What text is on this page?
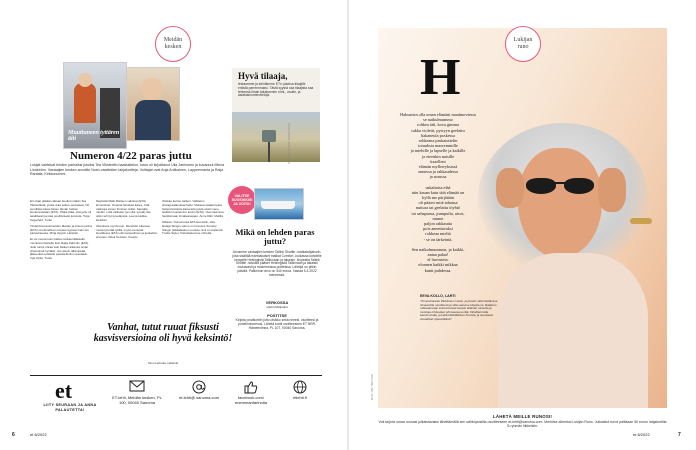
Meidän kesken
Muuttuneen tyttären äiti
Numeron 4/22 paras juttu
Lukijat valitsivat lehden parhaiksi jutuiksi Tea Vikstedtin haastattelun. Iutun oli kirjoittanut Ulla Janhonen ja kuvannut Minna Lindström. Vastaajien kesken arvottiin Nosh-vaatteiden lahjakortteja. Voittajat ovat Anja Antikainen, Lappeenranta ja Raija Rantala, Kirkkonummi.

Eri ohjat pitkään aikaan kuullut mitään Tea Vikstedtistä, jonka uraa jotkus seuraavat. Oli surullista lukea hänen tämän hetken kuulumisistaan (ETA). Pitää pitää, että juttu oli asiallisesti ja joka positiivisesti koroista. Tuija Kegerfeld, Turku

Tinderissa tavanneiden Marjan ja Antero tarina (ETA) oli elimellinen kuvaus kypsemmän iän parisuhteesta. Mirja Oppoli, Helsinki

Ei voi muuta kuin haltua nostaa tällaiselle monitoimimiehelle kuin Raija Kaherlin (ETA). Jolle tuntui uhraa vain kaiken aikansa oman yhteisönsä hyväksi. Jos aiuoin älkenpeää. jälkeenkä opiskelle pelastettimiin opestekin. Irpa Opilo, Turku

Näytteliä Matti Ristisen valinnat (ETA) kinnostivat. Omaina faivskas lukea, mitä valintoja toinen ihminen tekisi. Samalla miettin, mitä valitsisin (ja mitä. syistä) itse olisin tehnyt kyseläyssä. Leena Hokka, Helsinki

Oleniksva myrrimuun. Murehdin lukevaa, mutta tyhmää työllä, myös menestä. Huvikkona (ETA) olisi tarpeellinen ja koskellon arvonen. Ritva Koivisto, Kuopio

Otsikko kertoo kaiken: Valittelun changosalatuksenhetki. Mukava saada tietoa helppohoitoista kasveista joista eivät mene sisäisiin kuoleminn kuviin (ETA). Huomaamma hankkimaan ilmakasvejaan. Anne Räti, Mellilä

Olkaisu: Numerossa ETA kemottiin, että laulaja Stingin vaimo on Frances Tomelty. Stingin pitkäaikainen puoliso nimi on kuitenkin Trudie Styler. Pahoittelemme virhettä.

Vanhat, tutut ruuat fiksusti kasvisversioina oli hyvä keksintö!
Tanu Lehvola, Helsinki
Hyvä tilaaja,
testaamme ja kehitämme ET:n jakelua tilaajille entistä parremmaksi. Tästä syystä osa tilaajista saa lehtensä ilman takakannen nimi-, osoite- ja asiakasnumerotietoja.
KUVA: MILLIARDOS / ADOBE STOCK
VALITSE SUOSIKKISI JA VOITA!
Mikä on lehden paras juttu?
Arvomme vastaajien kesken Tallink Shuttle -matkalahjakorin, joka sisältää edestakaiset matkat Comfort -luokassa kahdelle hengelle Helsingistä Tallinnaan ja takaisin. Nopealla Tallink Shuttle -laivoilla pääset Helsingistä Tallinnaan ja takaisin mukavasti ja moderneissa puitteissa. Lähtöjä on pitkin päivää. Palkinnon arvo on 340 euroa. Vastaa 5.4.2022 mennessä.
VERKOSSA
etlehti.fi/kilpailut
POSTITSE
Kirjoita postikortiin juttu otsikko sekä nimesi, osoitteesi ja puhelinnumerosi. Lähetä kortti osoitteeseen ET NRR, Hämeenlinna, PL 107, 00040 Sanoma.
et
LIITY SEURAAN JA ANNA PALAUTETTA!
ET-lehti, Meidän kesken, PL 100, 00040 Sanoma
et-lehti@ sanoma.com	facebook.com/ enemmantarinoita
etlehti.fi
6	et 6/2022
Lukijan runo
H
Hahuaisin olla oman elämäni maalmoviessa
se naikulmummo
rohkea tätì, kova gimma
tukka violetti, pystyyn geelattu
hakaneula poskessa
rohkeana paskatuttelin
totuuksia maoremmille
ja miehille ja lapselle ja kaikille
ja eteenkin naisille
itsaelleni
elämän myllerryksissä
onnessa ja rakkaudessa
ja surussa
uskaltaisa eläá
niin kauan kuin tätä elämää on
kyllä me pärjätään
oli pääasi mitä tahansa
nuttura tai geelattu töyhtö
tai sahapurua, pumpulia, aivot,
munot
paljon rakkautta
pois annettavaksi
rohkeaa mieltä
- se on tärkeintä.
Sen naikulmummon, ja kaikki,
antaa palaa!
el luovuteta.
elonnen kaikki mikkaa
kunti puhdessa.
EEVA KOLLO, LAHTI
"Tomostinaaran Pärkkinen muisto, ja pluskin siitä riitettävä ja riimaamitta runollisesti ja siitä saamme kirjasta ne. Raidinen rohkeakuvaan kokoontuneet keveät. Elämän runoutta ja muistoja rohkeuden piti kasvaa ja tätä. Kiitollisimmilla kasvimunalla, ja keitä kiitetiläkkeen ilmoista, ja seuraavat Ameelliset ripaustötiksin"
KUVA: SHUTTERSTOCK
LÄHETÄ MEILLE RUNOSI!
Voit tarjota omaa runoasi julkaistavaksi lähettämällä sen sähköpostilla osoitteeseen et-lehti@sanoma.com. Merkitse aiheeksi Lukijan Runo. Julkaistut runot palkitaan 50 euron lahjakortilla S-ryhmän liikkeisiin.
et 6/2022	7
